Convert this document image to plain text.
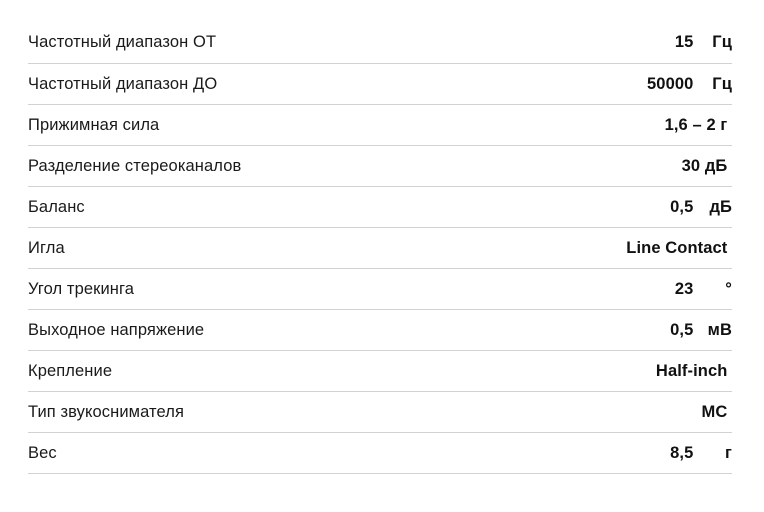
Частотный диапазон ОТ	15 Гц
Частотный диапазон ДО	50000 Гц
Прижимная сила	1,6 – 2 г
Разделение стереоканалов	30 дБ
Баланс	0,5 дБ
Игла	Line Contact
Угол трекинга	23 °
Выходное напряжение	0,5 мВ
Крепление	Half-inch
Тип звукоснимателя	MC
Вес	8,5 г
